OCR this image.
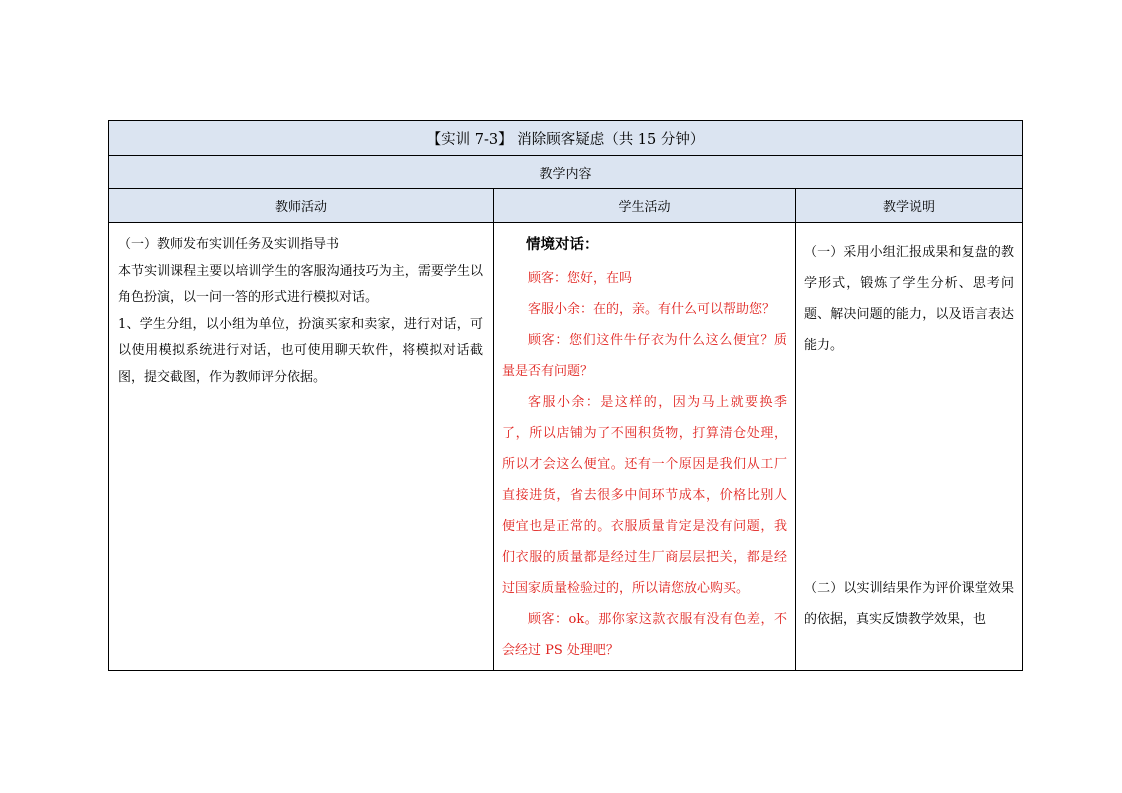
【实训 7-3】 消除顾客疑虑（共 15 分钟）
教学内容
教师活动	学生活动	教学说明

（一）教师发布实训任务及实训指导书

本节实训课程主要以培训学生的客服沟通技巧为主，需要学生以角色扮演，以一问一答的形式进行模拟对话。

1、学生分组，以小组为单位，扮演买家和卖家，进行对话，可以使用模拟系统进行对话，也可使用聊天软件，将模拟对话截图，提交截图，作为教师评分依据。

情境对话：

顾客：您好，在吗

客服小余：在的，亲。有什么可以帮助您？

顾客：您们这件牛仔衣为什么这么便宜？质量是否有问题？

客服小余：是这样的，因为马上就要换季了，所以店铺为了不囤积货物，打算清仓处理，所以才会这么便宜。还有一个原因是我们从工厂直接进货，省去很多中间环节成本，价格比别人便宜也是正常的。衣服质量肯定是没有问题，我们衣服的质量都是经过生厂商层层把关，都是经过国家质量检验过的，所以请您放心购买。

顾客：ok。那你家这款衣服有没有色差，不会经过 PS 处理吧？

（一）采用小组汇报成果和复盘的教学形式，锻炼了学生分析、思考问题、解决问题的能力，以及语言表达能力。

（二）以实训结果作为评价课堂效果的依据，真实反馈教学效果，也
